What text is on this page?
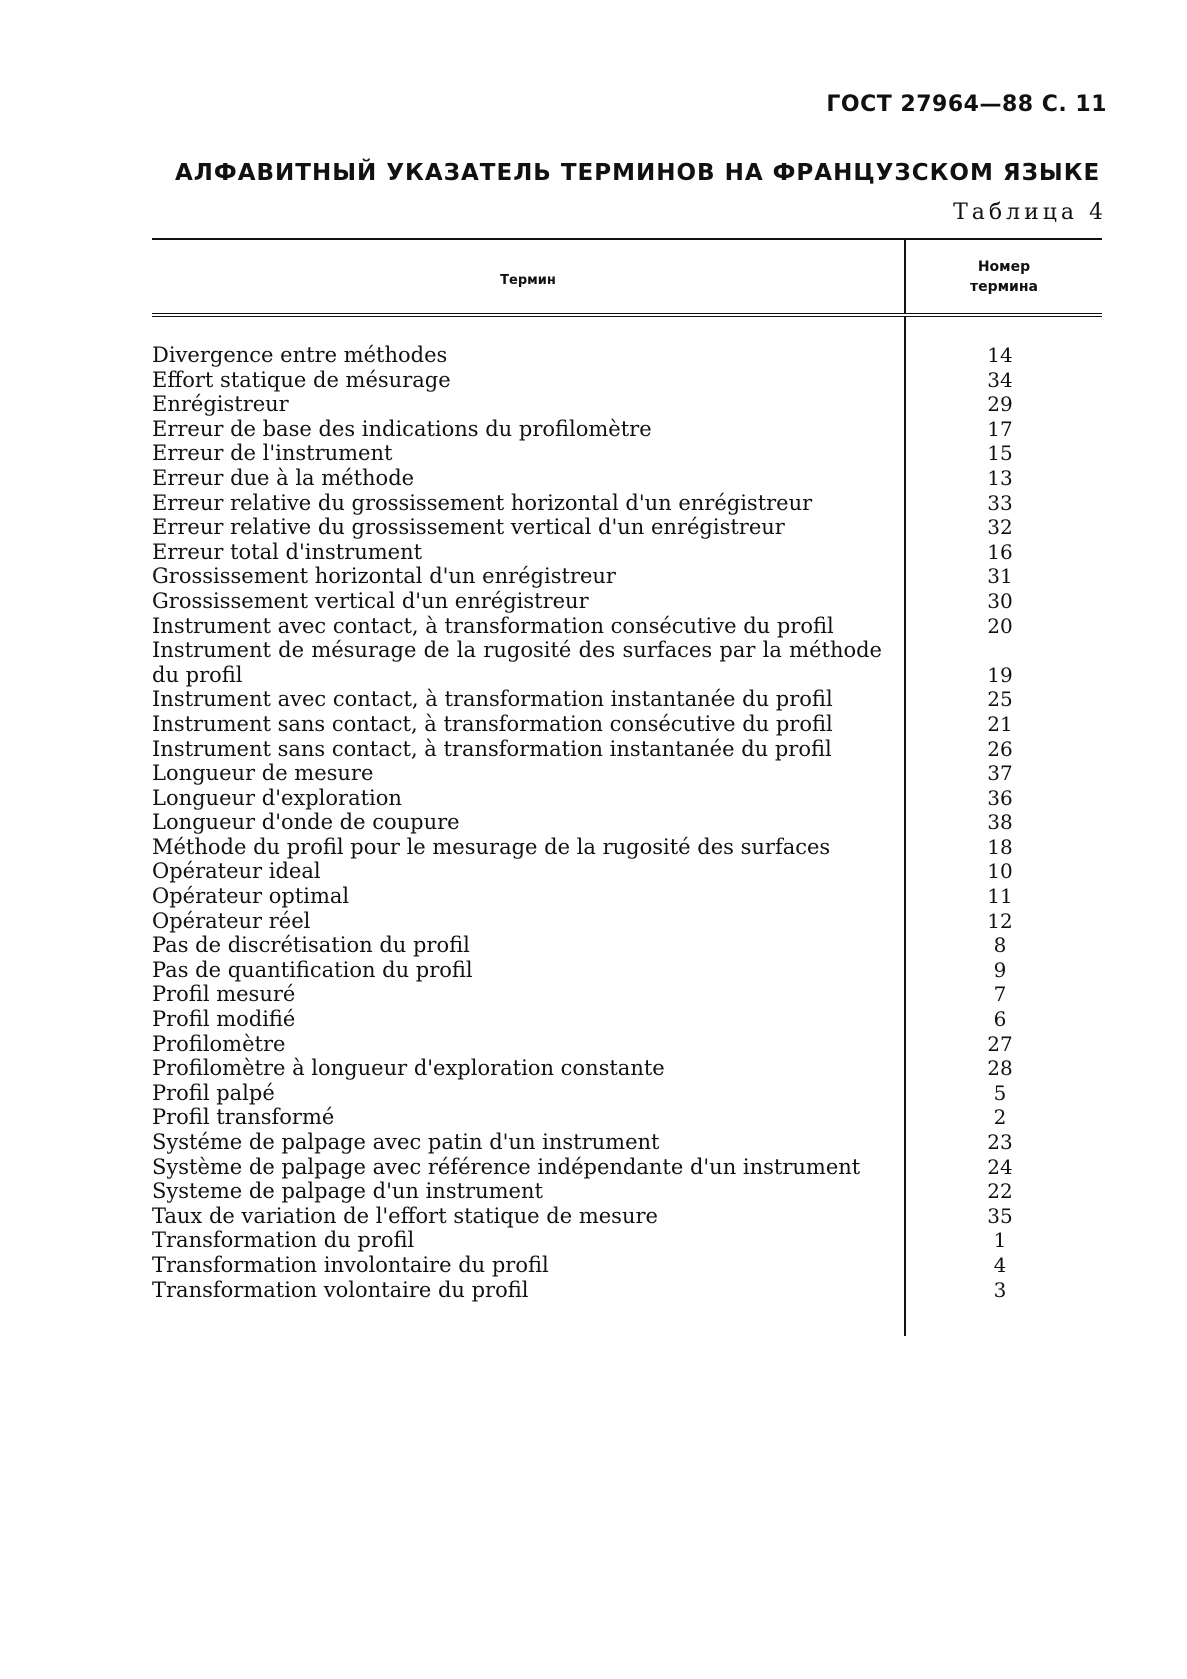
ГОСТ 27964—88 С. 11
АЛФАВИТНЫЙ УКАЗАТЕЛЬ ТЕРМИНОВ НА ФРАНЦУЗСКОМ ЯЗЫКЕ
Таблица 4
Термин
Номер
термина
Divergence entre méthodes	14
Effort statique de mésurage	34
Enrégistreur	29
Erreur de base des indications du profilomètre	17
Erreur de l'instrument	15
Erreur due à la méthode	13
Erreur relative du grossissement horizontal d'un enrégistreur	33
Erreur relative du grossissement vertical d'un enrégistreur	32
Erreur total d'instrument	16
Grossissement horizontal d'un enrégistreur	31
Grossissement vertical d'un enrégistreur	30
Instrument avec contact, à transformation consécutive du profil	20
Instrument de mésurage de la rugosité des surfaces par la méthode du profil	19
Instrument avec contact, à transformation instantanée du profil	25
Instrument sans contact, à transformation consécutive du profil	21
Instrument sans contact, à transformation instantanée du profil	26
Longueur de mesure	37
Longueur d'exploration	36
Longueur d'onde de coupure	38
Méthode du profil pour le mesurage de la rugosité des surfaces	18
Opérateur ideal	10
Opérateur optimal	11
Opérateur réel	12
Pas de discrétisation du profil	8
Pas de quantification du profil	9
Profil mesuré	7
Profil modifié	6
Profilomètre	27
Profilomètre à longueur d'exploration constante	28
Profil palpé	5
Profil transformé	2
Systéme de palpage avec patin d'un instrument	23
Systèmе de palpage avec référence indépendante d'un instrument	24
Systeme de palpage d'un instrument	22
Taux de variation de l'effort statique de mesure	35
Transformation du profil	1
Transformation involontaire du profil	4
Transformation volontaire du profil	3
